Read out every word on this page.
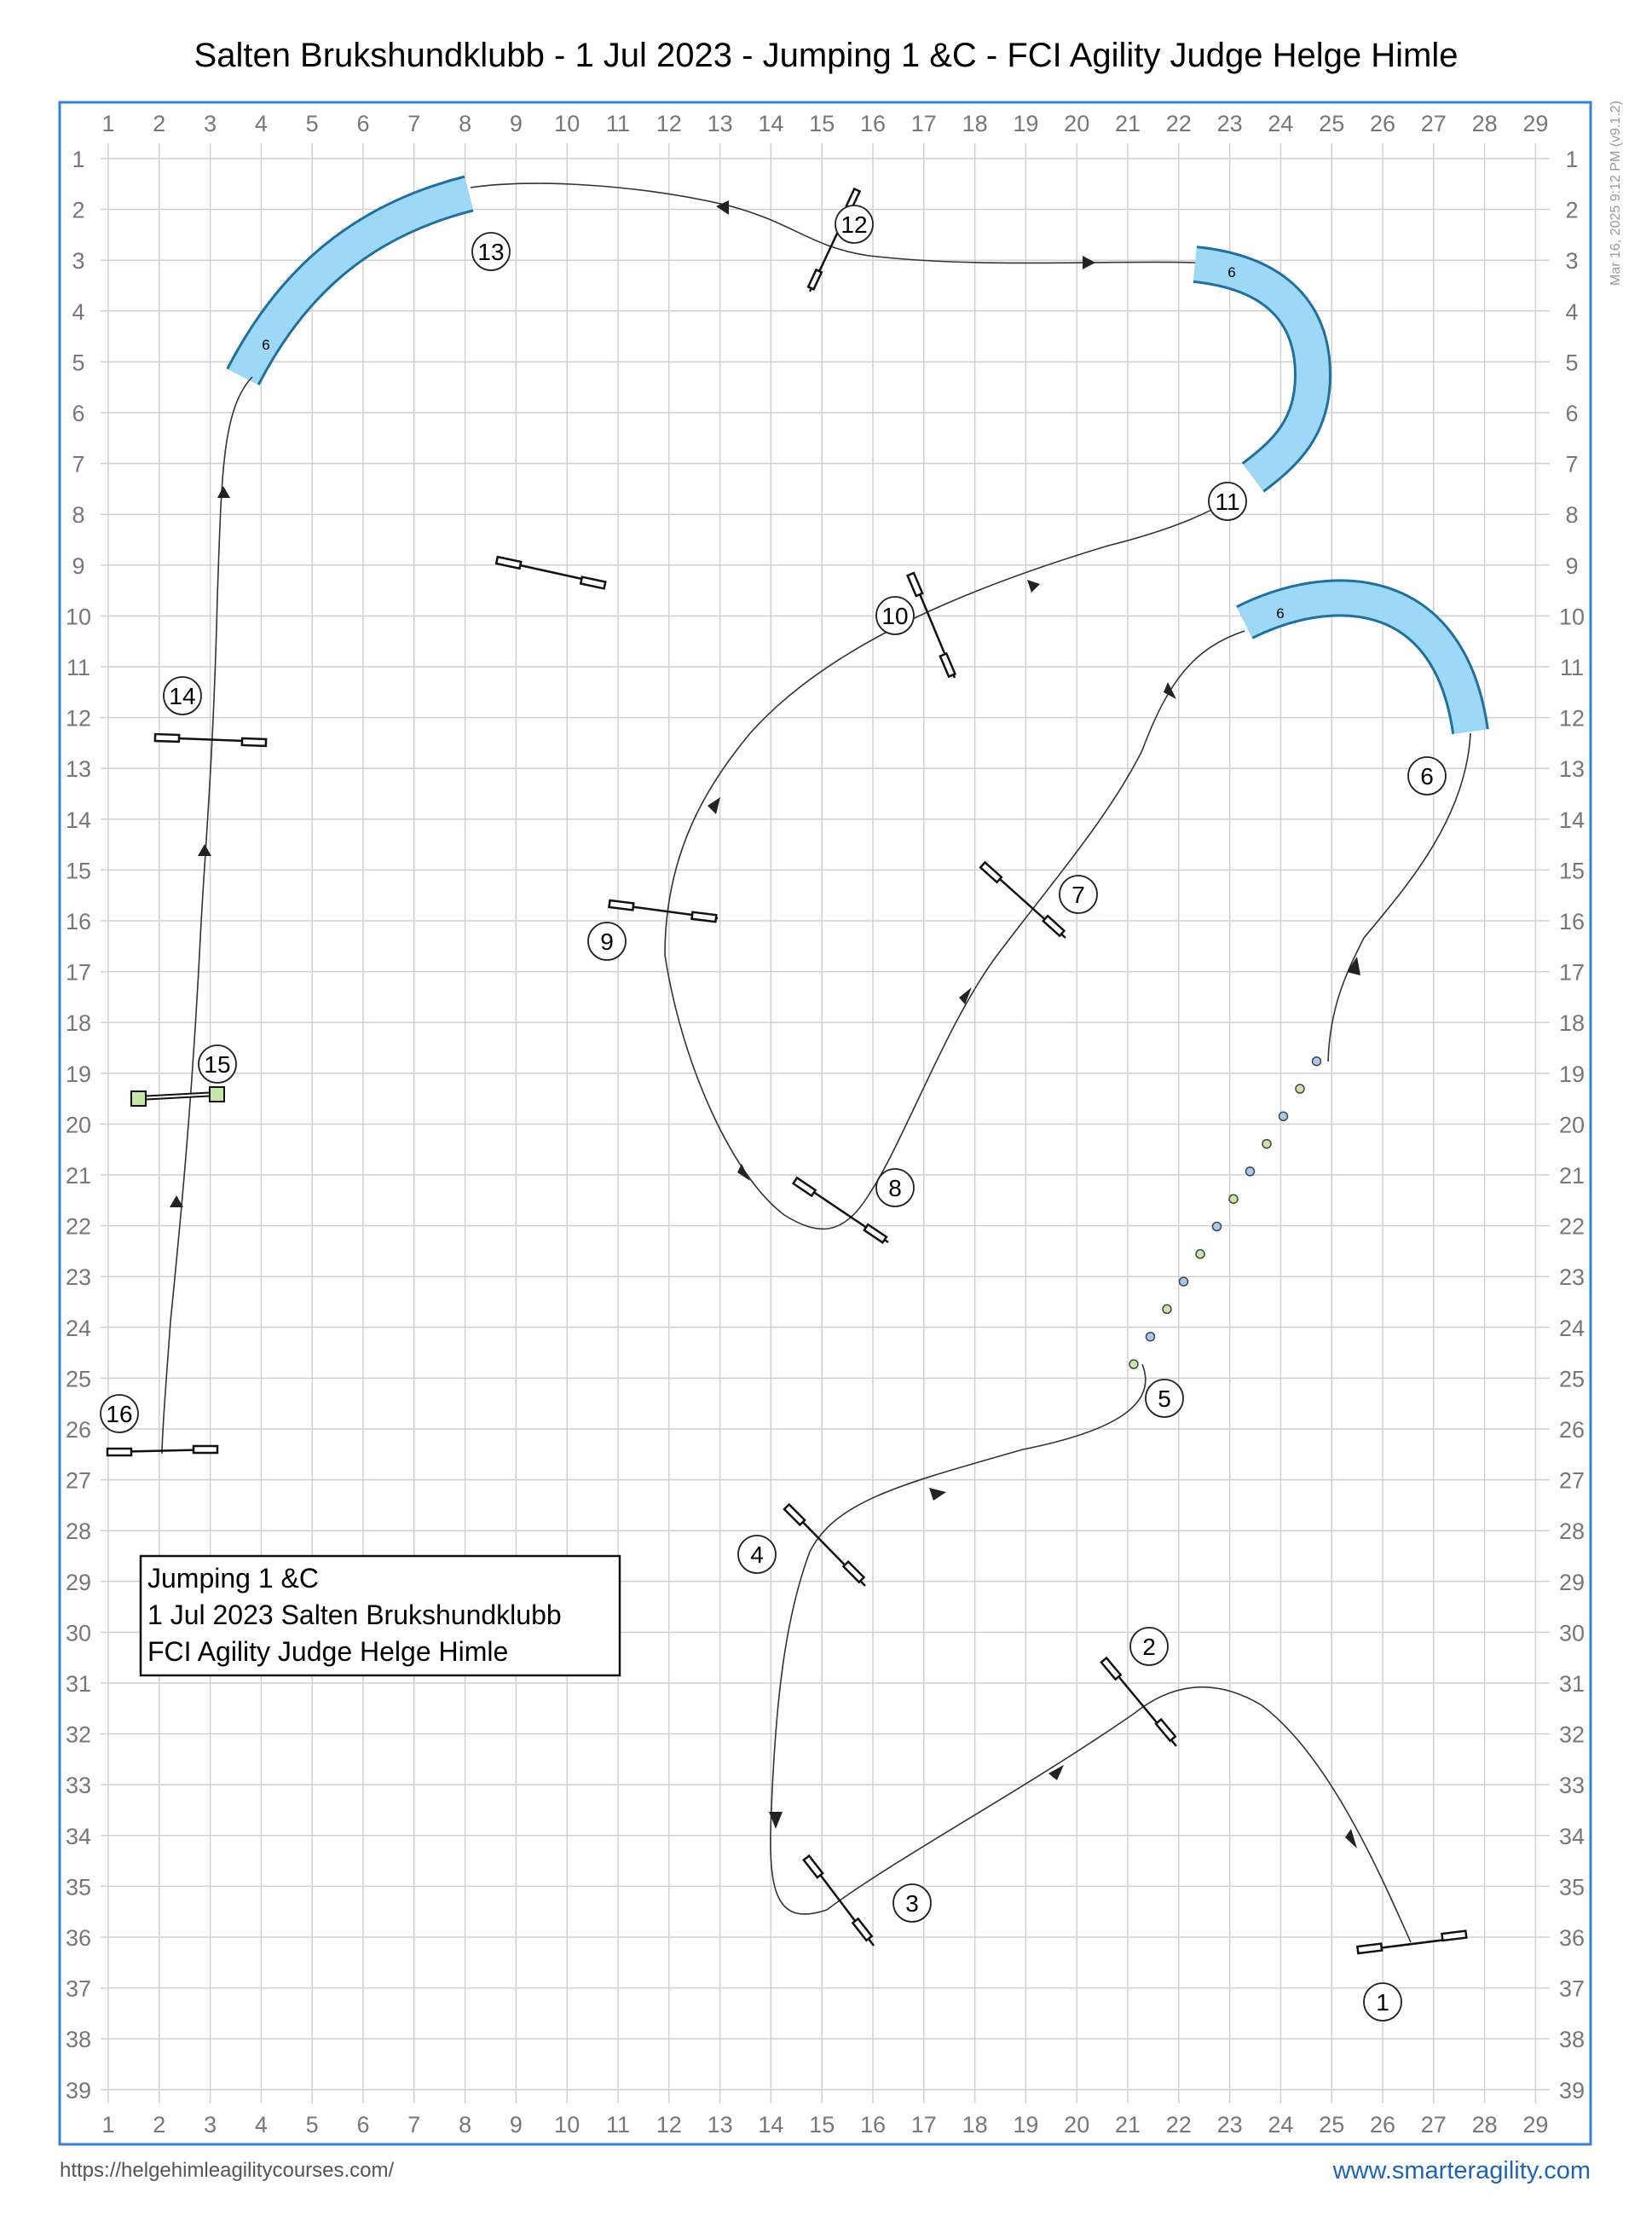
Salten Brukshundklubb - 1 Jul 2023 - Jumping 1 &C - FCI Agility Judge Helge Himle
Mar 16, 2025 9:12 PM (v9.1.2)
1
1
2
2
3
3
4
4
5
5
6
6
7
7
8
8
9
9
10
10
11
11
12
12
13
13
14
14
15
15
16
16
17
17
18
18
19
19
20
20
21
21
22
22
23
23
24
24
25
25
26
26
27
27
28
28
29
29
1	1
2	2
3	3
4	4
5	5
6	6
7	7
8	8
9	9
10	10
11	11
12	12
13	13
14	14
15	15
16	16
17	17
18	18
19	19
20	20
21	21
22	22
23	23
24	24
25	25
26	26
27	27
28	28
29	29
30	30
31	31
32	32
33	33
34	34
35	35
36	36
37	37
38	38
39	39
6
6
6
1
2
3
4
5
6
7
8
9
10
11
12
13
14
15
16
Jumping 1 &C
1 Jul 2023 Salten Brukshundklubb
FCI Agility Judge Helge Himle
https://helgehimleagilitycourses.com/	www.smarteragility.com
